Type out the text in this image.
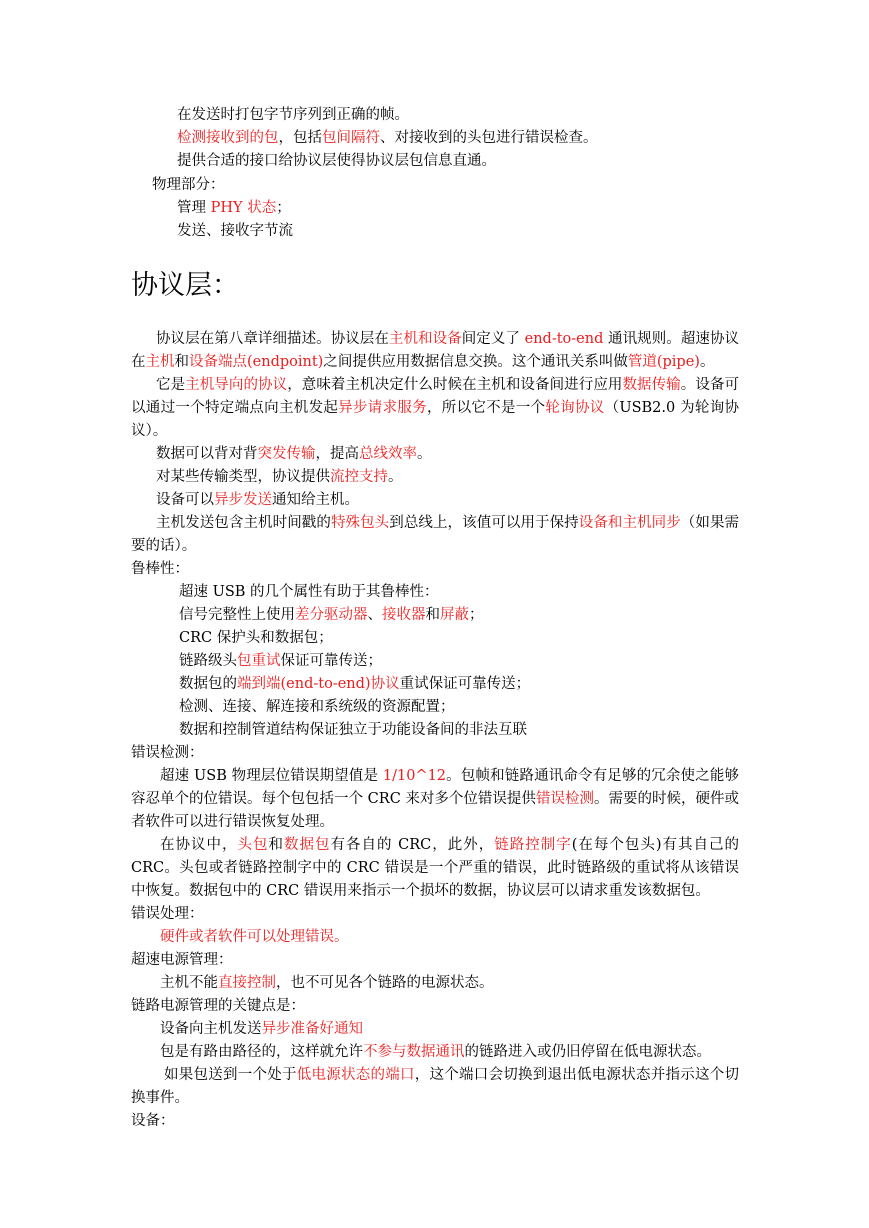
在发送时打包字节序列到正确的帧。
检测接收到的包，包括包间隔符、对接收到的头包进行错误检查。
提供合适的接口给协议层使得协议层包信息直通。
物理部分：
管理 PHY 状态；
发送、接收字节流
协议层：
协议层在第八章详细描述。协议层在主机和设备间定义了 end-to-end 通讯规则。超速协议在主机和设备端点(endpoint)之间提供应用数据信息交换。这个通讯关系叫做管道(pipe)。
它是主机导向的协议，意味着主机决定什么时候在主机和设备间进行应用数据传输。设备可以通过一个特定端点向主机发起异步请求服务，所以它不是一个轮询协议（USB2.0 为轮询协议）。
数据可以背对背突发传输，提高总线效率。
对某些传输类型，协议提供流控支持。
设备可以异步发送通知给主机。
主机发送包含主机时间戳的特殊包头到总线上，该值可以用于保持设备和主机同步（如果需要的话）。
鲁棒性：
超速 USB 的几个属性有助于其鲁棒性：
信号完整性上使用差分驱动器、接收器和屏蔽；
CRC 保护头和数据包；
链路级头包重试保证可靠传送；
数据包的端到端(end-to-end)协议重试保证可靠传送；
检测、连接、解连接和系统级的资源配置；
数据和控制管道结构保证独立于功能设备间的非法互联
错误检测：
超速 USB 物理层位错误期望值是 1/10^12。包帧和链路通讯命令有足够的冗余使之能够容忍单个的位错误。每个包包括一个 CRC 来对多个位错误提供错误检测。需要的时候，硬件或者软件可以进行错误恢复处理。
在协议中，头包和数据包有各自的 CRC，此外，链路控制字(在每个包头)有其自己的 CRC。头包或者链路控制字中的 CRC 错误是一个严重的错误，此时链路级的重试将从该错误中恢复。数据包中的 CRC 错误用来指示一个损坏的数据，协议层可以请求重发该数据包。
错误处理：
硬件或者软件可以处理错误。
超速电源管理：
主机不能直接控制，也不可见各个链路的电源状态。
链路电源管理的关键点是：
设备向主机发送异步准备好通知
包是有路由路径的，这样就允许不参与数据通讯的链路进入或仍旧停留在低电源状态。
如果包送到一个处于低电源状态的端口，这个端口会切换到退出低电源状态并指示这个切换事件。
设备：
